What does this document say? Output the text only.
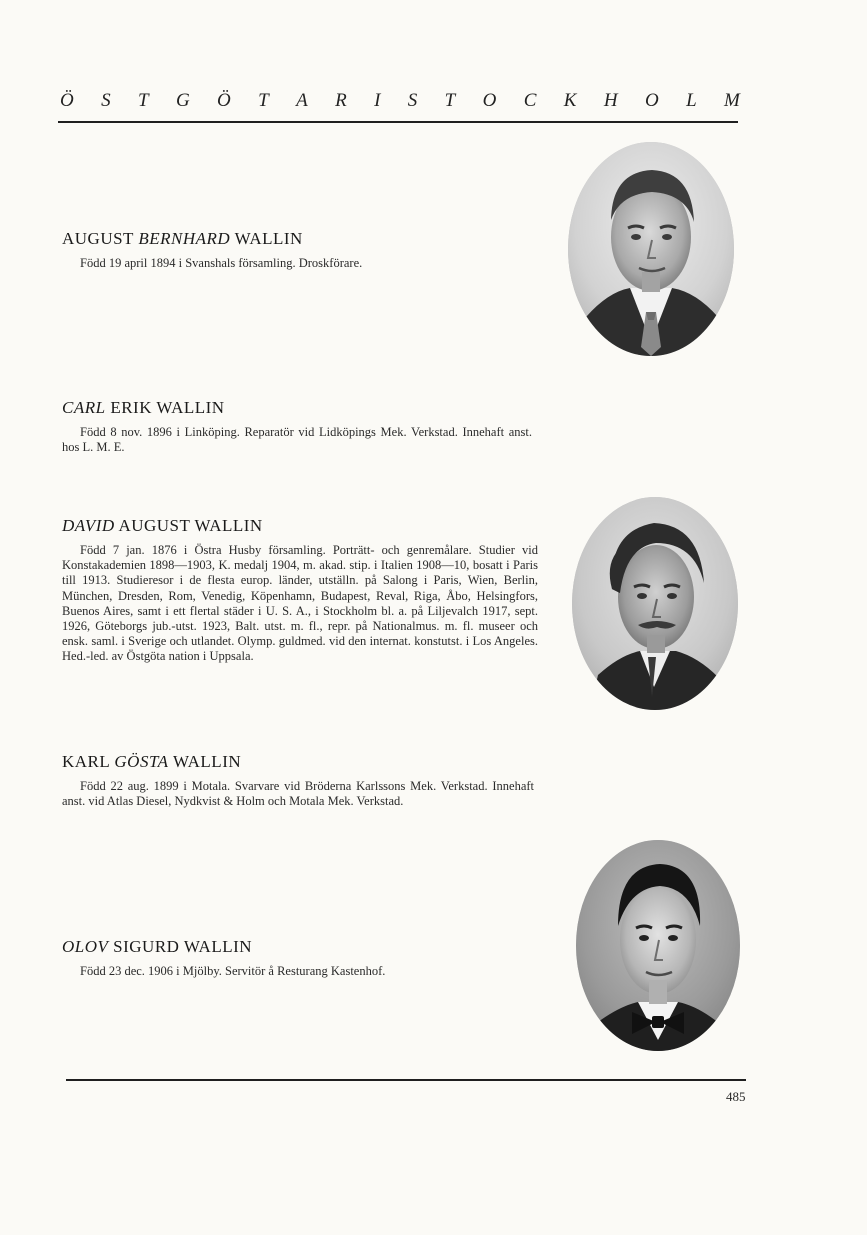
Ö S T G Ö T A R I S T O C K H O L M
AUGUST BERNHARD WALLIN
Född 19 april 1894 i Svanshals församling. Droskförare.
CARL ERIK WALLIN
Född 8 nov. 1896 i Linköping. Reparatör vid Lidköpings Mek. Verkstad. Innehaft anst. hos L. M. E.
DAVID AUGUST WALLIN
Född 7 jan. 1876 i Östra Husby församling. Porträtt- och genremålare. Studier vid Konstakademien 1898—1903, K. medalj 1904, m. akad. stip. i Italien 1908—10, bosatt i Paris till 1913. Studieresor i de flesta europ. länder, utställn. på Salong i Paris, Wien, Berlin, München, Dresden, Rom, Venedig, Köpenhamn, Budapest, Reval, Riga, Åbo, Helsingfors, Buenos Aires, samt i ett flertal städer i U. S. A., i Stockholm bl. a. på Liljevalch 1917, sept. 1926, Göteborgs jub.-utst. 1923, Balt. utst. m. fl., repr. på Nationalmus. m. fl. museer och ensk. saml. i Sverige och utlandet. Olymp. guldmed. vid den internat. konstutst. i Los Angeles. Hed.-led. av Östgöta nation i Uppsala.
KARL GÖSTA WALLIN
Född 22 aug. 1899 i Motala. Svarvare vid Bröderna Karlssons Mek. Verkstad. Innehaft anst. vid Atlas Diesel, Nydkvist & Holm och Motala Mek. Verkstad.
OLOV SIGURD WALLIN
Född 23 dec. 1906 i Mjölby. Servitör å Resturang Kastenhof.
485
